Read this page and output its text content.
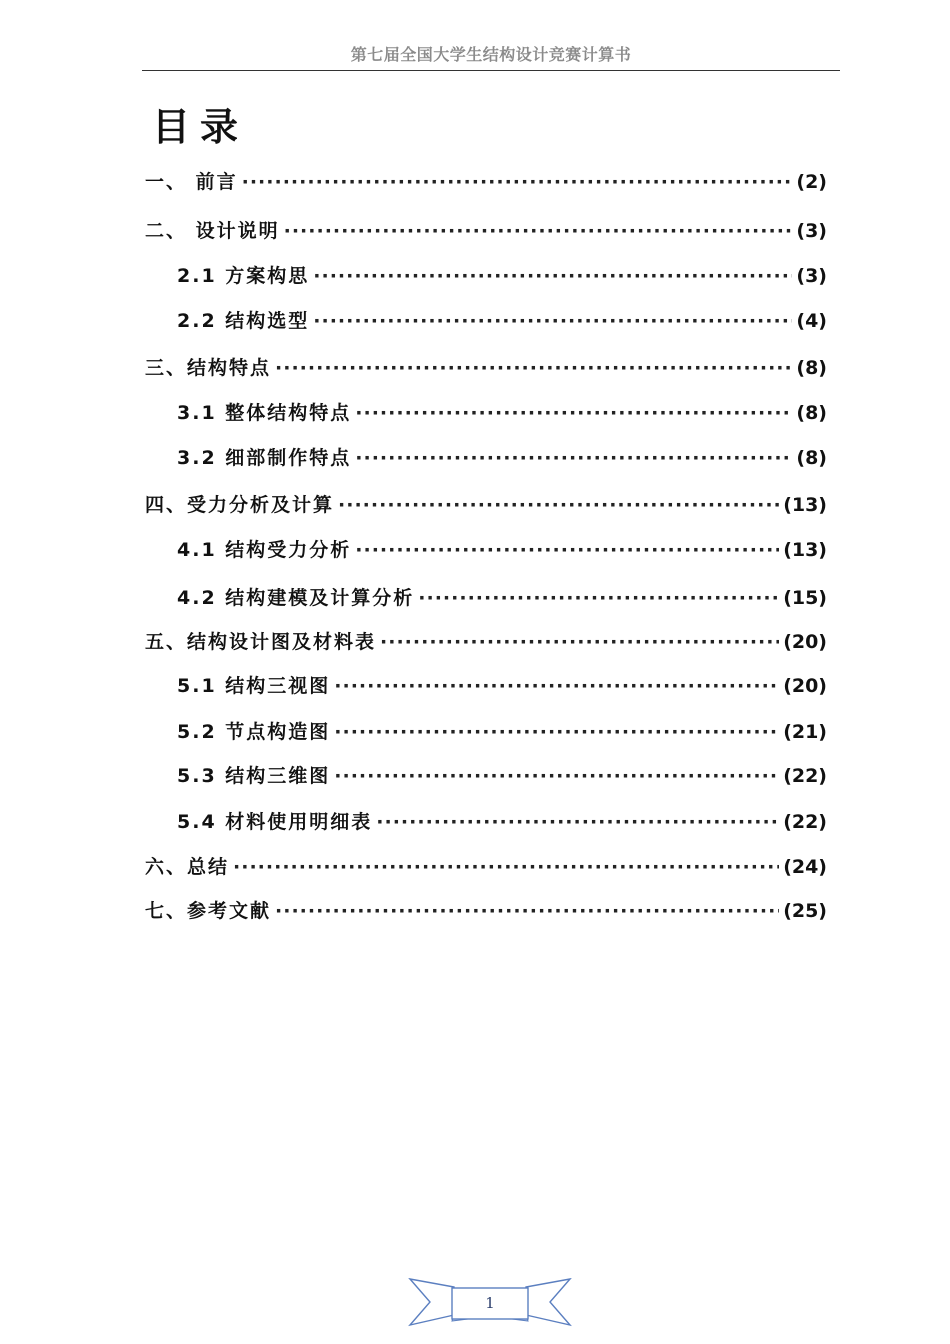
第七届全国大学生结构设计竞赛计算书
目录
一、 前言 ·····	(2)
二、 设计说明 ·····	(3)
2.1 方案构思 ·····	(3)
2.2 结构选型 ·····	(4)
三、结构特点 ·····	(8)
3.1 整体结构特点 ·····	(8)
3.2 细部制作特点 ·····	(8)
四、受力分析及计算 ·····	(13)
4.1 结构受力分析 ·····	(13)
4.2 结构建模及计算分析 ·····	(15)
五、结构设计图及材料表 ·····	(20)
5.1 结构三视图 ·····	(20)
5.2 节点构造图 ·····	(21)
5.3 结构三维图 ·····	(22)
5.4 材料使用明细表 ·····	(22)
六、总结 ·····	(24)
七、参考文献 ·····	(25)
1
